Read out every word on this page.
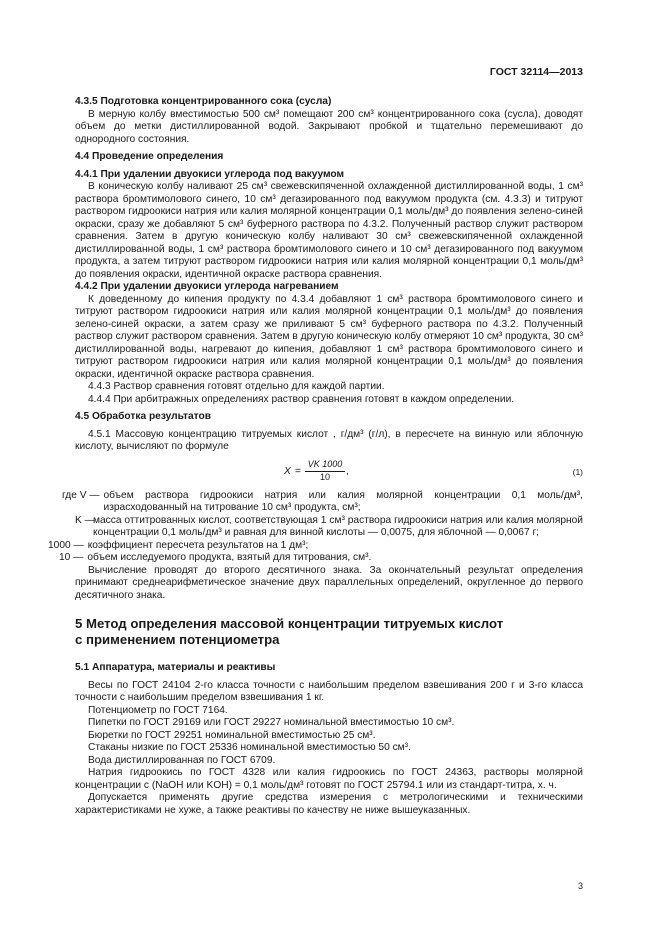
ГОСТ 32114—2013

4.3.5 Подготовка концентрированного сока (сусла)

В мерную колбу вместимостью 500 см³ помещают 200 см³ концентрированного сока (сусла), доводят объем до метки дистиллированной водой. Закрывают пробкой и тщательно перемешивают до однородного состояния.

4.4 Проведение определения

4.4.1 При удалении двуокиси углерода под вакуумом

В коническую колбу наливают 25 см³ свежевскипяченной охлажденной дистиллированной воды, 1 см³ раствора бромтимолового синего, 10 см³ дегазированного под вакуумом продукта (см. 4.3.3) и титруют раствором гидроокиси натрия или калия молярной концентрации 0,1 моль/дм³ до появления зелено-синей окраски, сразу же добавляют 5 см³ буферного раствора по 4.3.2. Полученный раствор служит раствором сравнения. Затем в другую коническую колбу наливают 30 см³ свежевскипяченной охлажденной дистиллированной воды, 1 см³ раствора бромтимолового синего и 10 см³ дегазированного под вакуумом продукта, а затем титруют раствором гидроокиси натрия или калия молярной концентрации 0,1 моль/дм³ до появления окраски, идентичной окраске раствора сравнения.

4.4.2 При удалении двуокиси углерода нагреванием

К доведенному до кипения продукту по 4.3.4 добавляют 1 см³ раствора бромтимолового синего и титруют раствором гидроокиси натрия или калия молярной концентрации 0,1 моль/дм³ до появления зелено-синей окраски, а затем сразу же приливают 5 см³ буферного раствора по 4.3.2. Полученный раствор служит раствором сравнения. Затем в другую коническую колбу отмеряют 10 см³ продукта, 30 см³ дистиллированной воды, нагревают до кипения, добавляют 1 см³ раствора бромтимолового синего и титруют раствором гидроокиси натрия или калия молярной концентрации 0,1 моль/дм³ до появления окраски, идентичной окраске раствора сравнения.

4.4.3 Раствор сравнения готовят отдельно для каждой партии.

4.4.4 При арбитражных определениях раствор сравнения готовят в каждом определении.

4.5 Обработка результатов

4.5.1 Массовую концентрацию титруемых кислот , г/дм³ (г/л), в пересчете на винную или яблочную кислоту, вычисляют по формуле

$X = \frac{VK 1000}{10}$ ,	(1)
где V — объем раствора гидроокиси натрия или калия молярной концентрации 0,1 моль/дм³, израсходованный на титрование 10 см³ продукта, см³;
K —
масса оттитрованных кислот, соответствующая 1 см³ раствора гидроокиси натрия или калия молярной концентрации 0,1 моль/дм³ и равная для винной кислоты — 0,0075, для яблочной — 0,0067 г;
1000 — коэффициент пересчета результатов на 1 дм³;
10 — объем исследуемого продукта, взятый для титрования, см³.

Вычисление проводят до второго десятичного знака. За окончательный результат определения принимают среднеарифметическое значение двух параллельных определений, округленное до первого десятичного знака.

5 Метод определения массовой концентрации титруемых кислот
с применением потенциометра

5.1 Аппаратура, материалы и реактивы

Весы по ГОСТ 24104 2-го класса точности с наибольшим пределом взвешивания 200 г и 3-го класса точности с наибольшим пределом взвешивания 1 кг.

Потенциометр по ГОСТ 7164.

Пипетки по ГОСТ 29169 или ГОСТ 29227 номинальной вместимостью 10 см³.

Бюретки по ГОСТ 29251 номинальной вместимостью 25 см³.

Стаканы низкие по ГОСТ 25336 номинальной вместимостью 50 см³.

Вода дистиллированная по ГОСТ 6709.

Натрия гидроокись по ГОСТ 4328 или калия гидроокись по ГОСТ 24363, растворы молярной концентрации c (NaOH или KOH) = 0,1 моль/дм³ готовят по ГОСТ 25794.1 или из стандарт-титра, х. ч.

Допускается применять другие средства измерения с метрологическими и техническими характеристиками не хуже, а также реактивы по качеству не ниже вышеуказанных.

3
